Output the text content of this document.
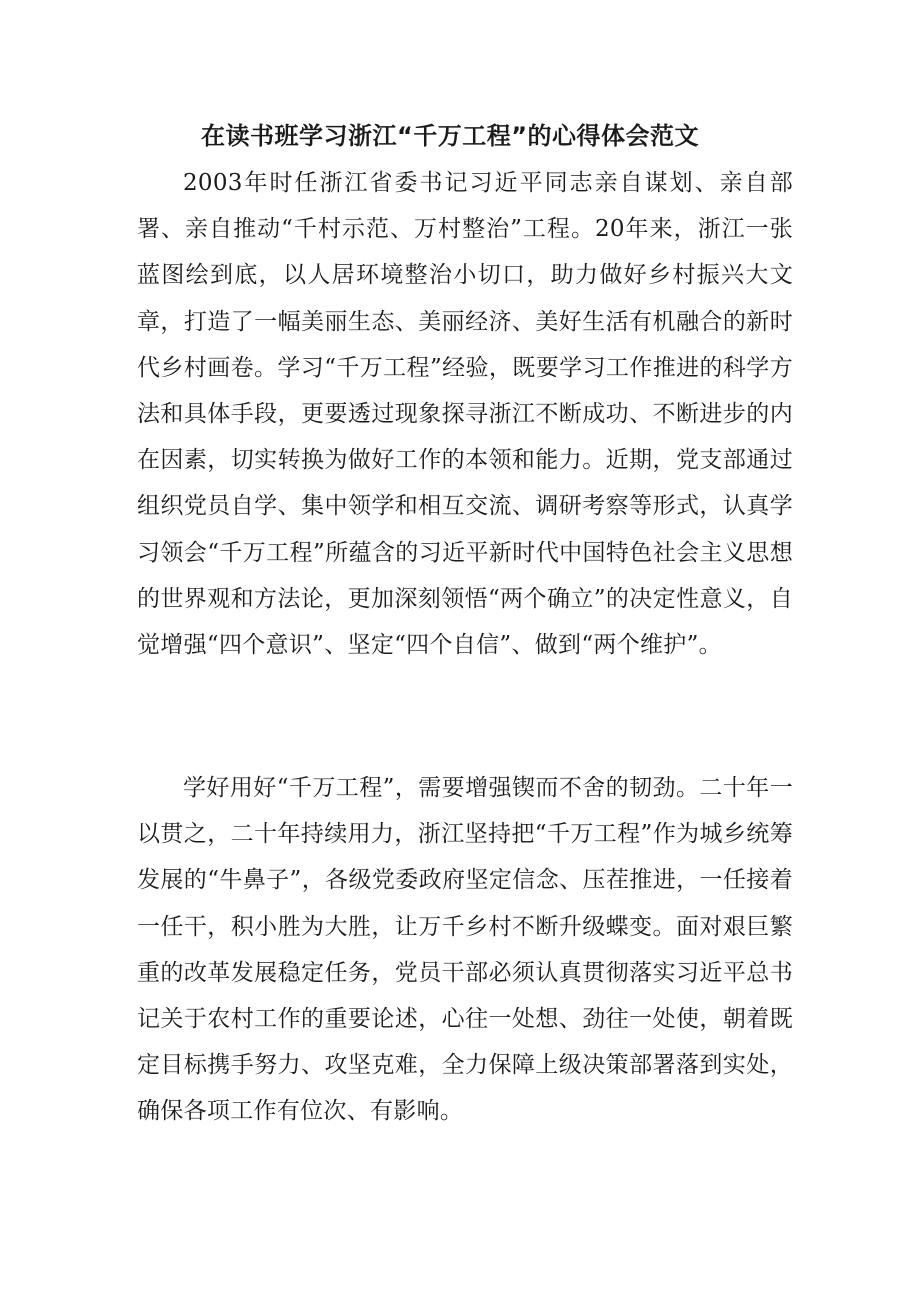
在读书班学习浙江“千万工程”的心得体会范文

2003年时任浙江省委书记习近平同志亲自谋划、亲自部署、亲自推动“千村示范、万村整治”工程。20年来，浙江一张蓝图绘到底，以人居环境整治小切口，助力做好乡村振兴大文章，打造了一幅美丽生态、美丽经济、美好生活有机融合的新时代乡村画卷。学习“千万工程”经验，既要学习工作推进的科学方法和具体手段，更要透过现象探寻浙江不断成功、不断进步的内在因素，切实转换为做好工作的本领和能力。近期，党支部通过组织党员自学、集中领学和相互交流、调研考察等形式，认真学习领会“千万工程”所蕴含的习近平新时代中国特色社会主义思想的世界观和方法论，更加深刻领悟“两个确立”的决定性意义，自觉增强“四个意识”、坚定“四个自信”、做到“两个维护”。

学好用好“千万工程”，需要增强锲而不舍的韧劲。二十年一以贯之，二十年持续用力，浙江坚持把“千万工程”作为城乡统筹发展的“牛鼻子”，各级党委政府坚定信念、压茬推进，一任接着一任干，积小胜为大胜，让万千乡村不断升级蝶变。面对艰巨繁重的改革发展稳定任务，党员干部必须认真贯彻落实习近平总书记关于农村工作的重要论述，心往一处想、劲往一处使，朝着既定目标携手努力、攻坚克难，全力保障上级决策部署落到实处，确保各项工作有位次、有影响。
